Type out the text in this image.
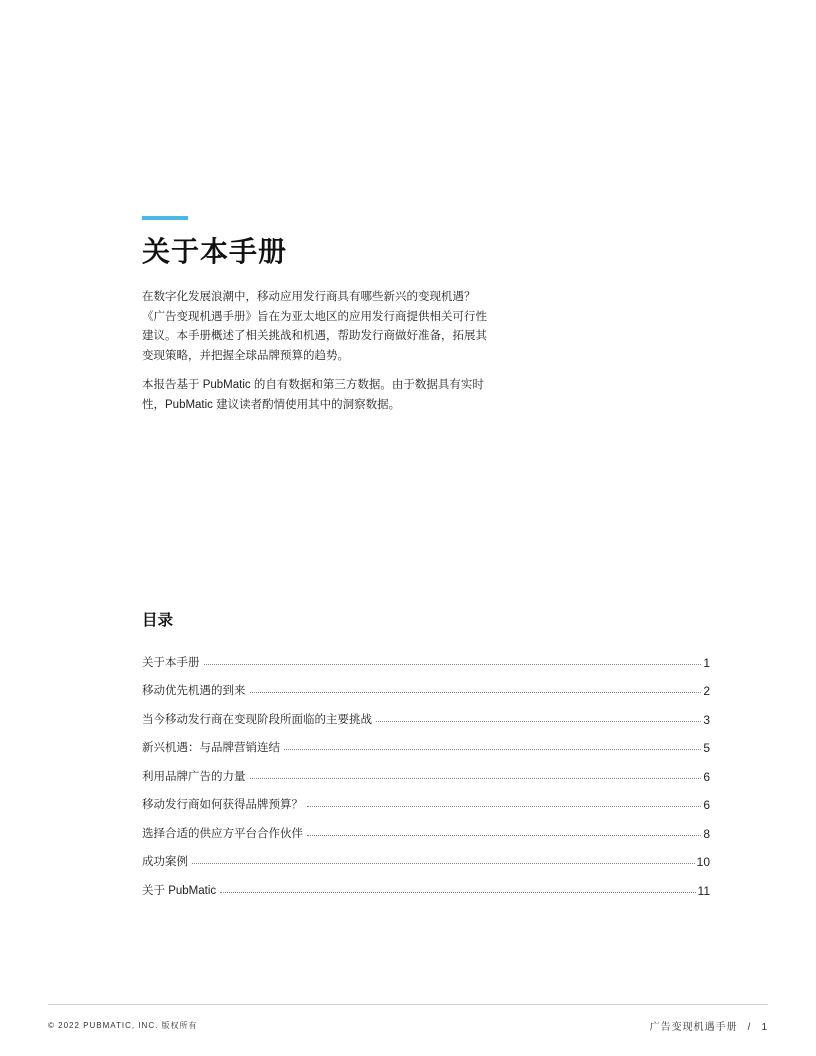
关于本手册

在数字化发展浪潮中，移动应用发行商具有哪些新兴的变现机遇？《广告变现机遇手册》旨在为亚太地区的应用发行商提供相关可行性建议。本手册概述了相关挑战和机遇，帮助发行商做好准备，拓展其变现策略，并把握全球品牌预算的趋势。

本报告基于 PubMatic 的自有数据和第三方数据。由于数据具有实时性，PubMatic 建议读者酌情使用其中的洞察数据。

目录
关于本手册	1
移动优先机遇的到来	2
当今移动发行商在变现阶段所面临的主要挑战	3
新兴机遇：与品牌营销连结	5
利用品牌广告的力量	6
移动发行商如何获得品牌预算？	6
选择合适的供应方平台合作伙伴	8
成功案例	10
关于 PubMatic	11
© 2022 PUBMATIC, INC. 版权所有	广告变现机遇手册 / 1
